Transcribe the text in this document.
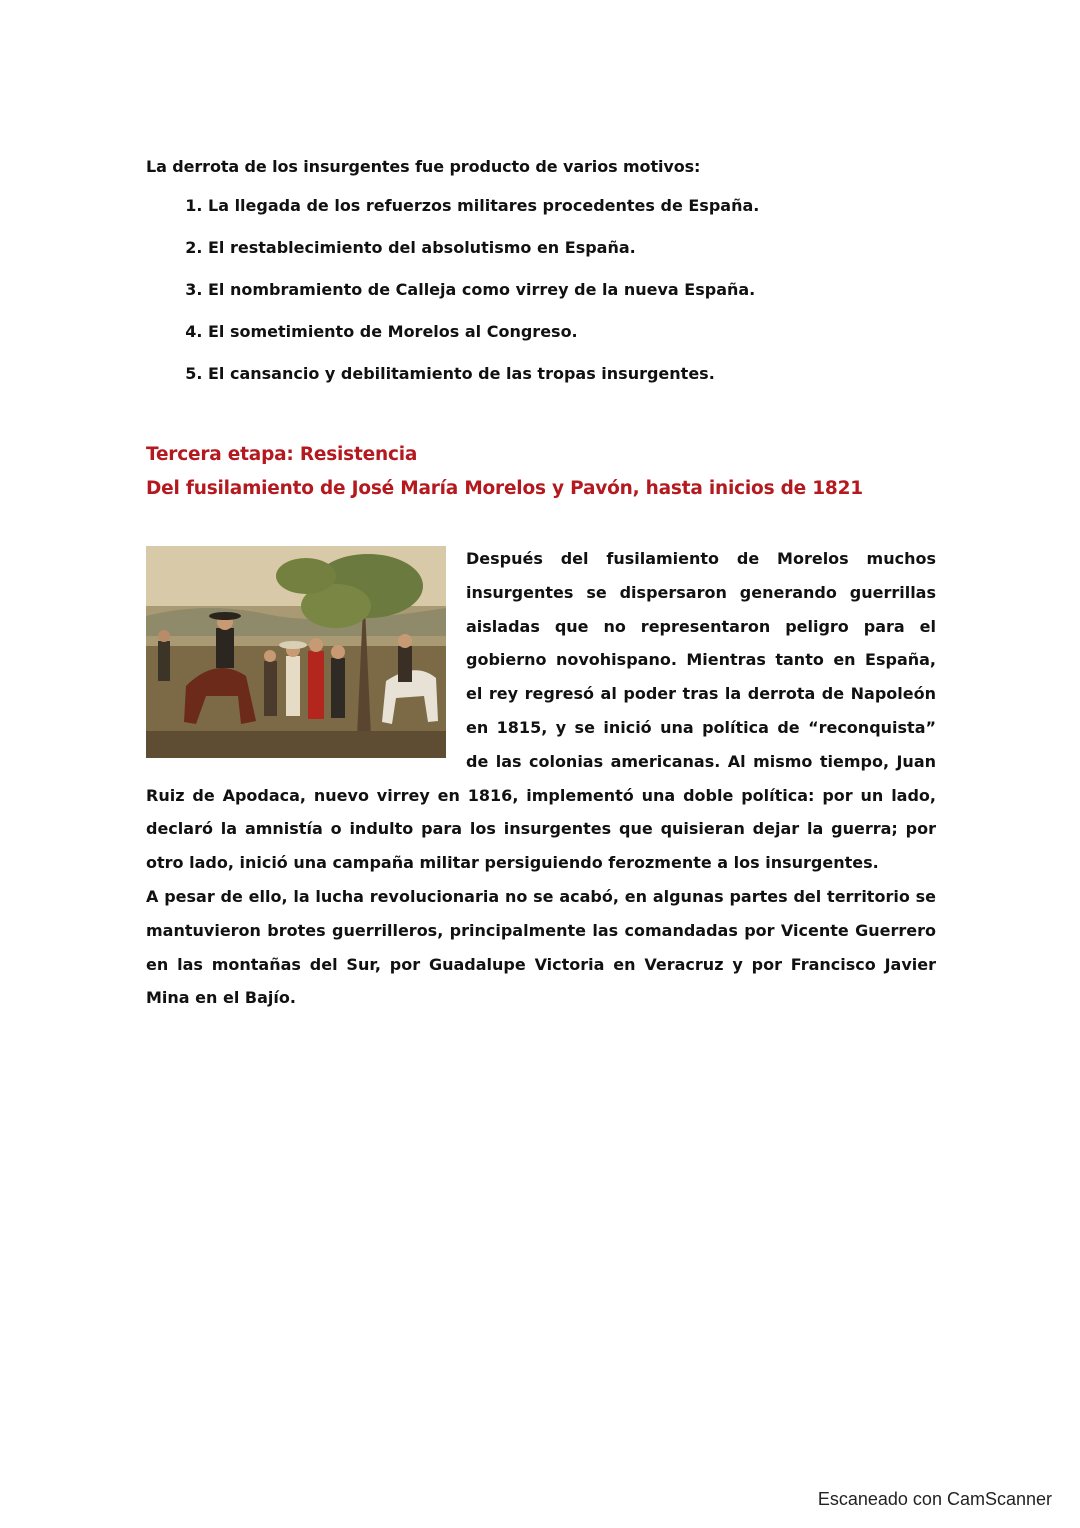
La derrota de los insurgentes fue producto de varios motivos:

1. La llegada de los refuerzos militares procedentes de España.
2. El restablecimiento del absolutismo en España.
3. El nombramiento de Calleja como virrey de la nueva España.
4. El sometimiento de Morelos al Congreso.
5. El cansancio y debilitamiento de las tropas insurgentes.

Tercera etapa: Resistencia

Del fusilamiento de José María Morelos y Pavón, hasta inicios de 1821

Después del fusilamiento de Morelos muchos insurgentes se dispersaron generando guerrillas aisladas que no representaron peligro para el gobierno novohispano. Mientras tanto en España, el rey regresó al poder tras la derrota de Napoleón en 1815, y se inició una política de “reconquista” de las colonias americanas. Al mismo tiempo, Juan Ruiz de Apodaca, nuevo virrey en 1816, implementó una doble política: por un lado, declaró la amnistía o indulto para los insurgentes que quisieran dejar la guerra; por otro lado, inició una campaña militar persiguiendo ferozmente a los insurgentes.

A pesar de ello, la lucha revolucionaria no se acabó, en algunas partes del territorio se mantuvieron brotes guerrilleros, principalmente las comandadas por Vicente Guerrero en las montañas del Sur, por Guadalupe Victoria en Veracruz y por Francisco Javier Mina en el Bajío.

Escaneado con CamScanner
